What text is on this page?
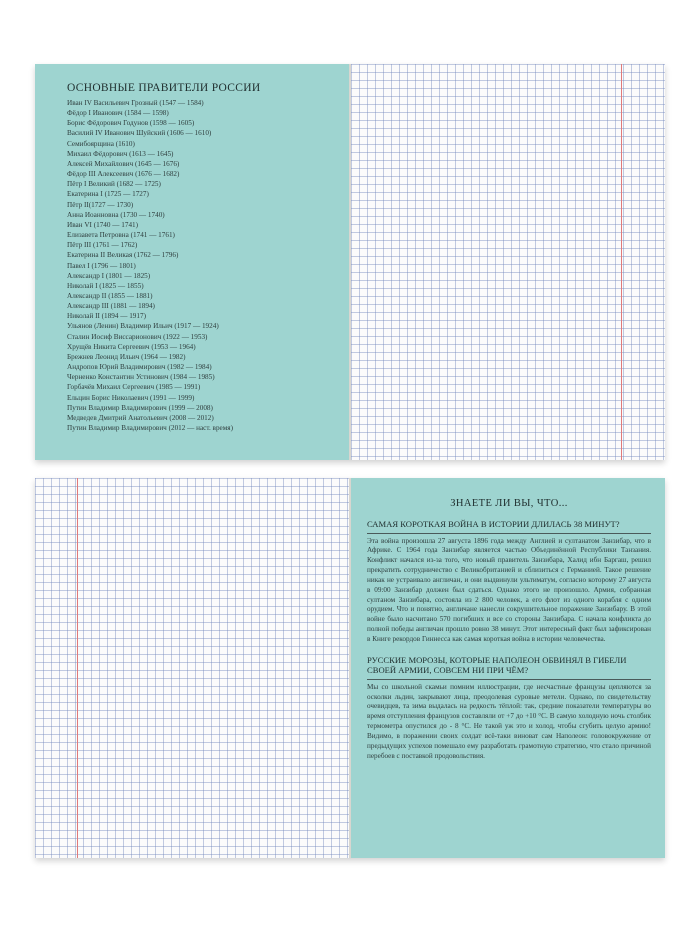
ОСНОВНЫЕ ПРАВИТЕЛИ РОССИИ
Иван IV Васильевич Грозный (1547 — 1584)
Фёдор I Иванович (1584 — 1598)
Борис Фёдорович Годунов (1598 — 1605)
Василий IV Иванович Шуйский (1606 — 1610)
Семибоярщина (1610)
Михаил Фёдорович (1613 — 1645)
Алексей Михайлович (1645 — 1676)
Фёдор III Алексеевич (1676 — 1682)
Пётр I Великий (1682 — 1725)
Екатерина I (1725 — 1727)
Пётр II(1727 — 1730)
Анна Иоанновна (1730 — 1740)
Иван VI (1740 — 1741)
Елизавета Петровна (1741 — 1761)
Пётр III (1761 — 1762)
Екатерина II Великая (1762 — 1796)
Павел I (1796 — 1801)
Александр I (1801 — 1825)
Николай I (1825 — 1855)
Александр II (1855 — 1881)
Александр III (1881 — 1894)
Николай II (1894 — 1917)
Ульянов (Ленин) Владимир Ильич (1917 — 1924)
Сталин Иосиф Виссарионович (1922 — 1953)
Хрущёв Никита Сергеевич (1953 — 1964)
Брежнев Леонид Ильич (1964 — 1982)
Андропов Юрий Владимирович (1982 — 1984)
Черненко Константин Устинович (1984 — 1985)
Горбачёв Михаил Сергеевич (1985 — 1991)
Ельцин Борис Николаевич (1991 — 1999)
Путин Владимир Владимирович (1999 — 2008)
Медведев Дмитрий Анатольевич (2008 — 2012)
Путин Владимир Владимирович (2012 — наст. время)
ЗНАЕТЕ ЛИ ВЫ, ЧТО...
САМАЯ КОРОТКАЯ ВОЙНА В ИСТОРИИ ДЛИЛАСЬ 38 МИНУТ?

Эта война произошла 27 августа 1896 года между Англией и султанатом Занзибар, что в Африке. С 1964 года Занзибар является частью Объединённой Республики Танзания. Конфликт начался из-за того, что новый правитель Занзибара, Халид ибн Баргаш, решил прекратить сотрудничество с Великобританией и сблизиться с Германией. Такое решение никак не устраивало англичан, и они выдвинули ультиматум, согласно которому 27 августа в 09:00 Занзибар должен был сдаться. Однако этого не произошло. Армия, собранная султаном Занзибара, состояла из 2 800 человек, а его флот из одного корабля с одним орудием. Что и понятно, англичане нанесли сокрушительное поражение Занзибару. В этой войне было насчитано 570 погибших и все со стороны Занзибара. С начала конфликта до полной победы англичан прошло ровно 38 минут. Этот интересный факт был зафиксирован в Книге рекордов Гиннесса как самая короткая война в истории человечества.

РУССКИЕ МОРОЗЫ, КОТОРЫЕ НАПОЛЕОН ОБВИНЯЛ В ГИБЕЛИ СВОЕЙ АРМИИ, СОВСЕМ НИ ПРИ ЧЁМ?

Мы со школьной скамьи помним иллюстрации, где несчастные французы цепляются за осколки льдин, закрывают лица, преодолевая суровые метели. Однако, по свидетельству очевидцев, та зима выдалась на редкость тёплой: так, средние показатели температуры во время отступления французов составляли от +7 до +10 °С. В самую холодную ночь столбик термометра опустился до - 8 °С. Не такой уж это и холод, чтобы сгубить целую армию! Видимо, в поражении своих солдат всё-таки виноват сам Наполеон: головокружение от предыдущих успехов помешало ему разработать грамотную стратегию, что стало причиной перебоев с поставкой продовольствия.
